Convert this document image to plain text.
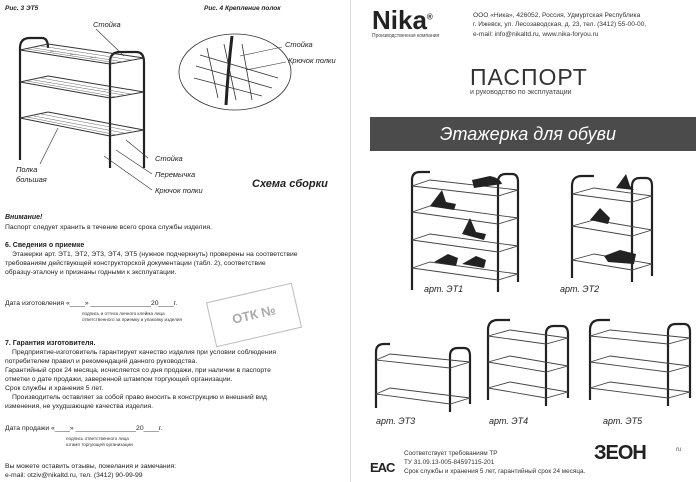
Рис. 3 ЭТ5	Рис. 4 Крепление полок
Стойка
Полка
большая
Стойка
Перемычка
Крючок полки
Стойка
Крючок полки
Схема сборки
Внимание!
Паспорт следует хранить в течение всего срока службы изделия.
6. Сведения о приемке
Этажерки арт. ЭТ1, ЭТ2, ЭТ3, ЭТ4, ЭТ5 (нужное подчеркнуть) проверены на соответствие
требованиям действующей конструкторской документации (табл. 2), соответствие
образцу-эталону и признаны годными к эксплуатации.
Дата изготовления «____» ________________20____г.
подпись и оттиск личного клейма лица
ответственного за приемку и упаковку изделия	ОТК №
7. Гарантия изготовителя.
Предприятие-изготовитель гарантирует качество изделия при условии соблюдения
потребителем правил и рекомендаций данного руководства.
Гарантийный срок 24 месяца, исчисляется со дня продажи, при наличии в паспорте
отметки о дате продажи, заверенной штампом торгующей организации.
Срок службы и хранения 5 лет.
Производитель оставляет за собой право вносить в конструкцию и внешний вид
изменения, не ухудшающие качества изделия.
Дата продажи «____» ________________20____г.
подпись ответственного лица
штамп торгующей организации
Вы можете оставить отзывы, пожелания и замечания:
e-mail: otziv@nikaltd.ru, тел. (3412) 90-99-99
Nika®
Производственная компания
ООО «Ника», 426052, Россия, Удмуртская Республика
г. Ижевск, ул. Лесозаводская, д. 23, тел. (3412) 55-00-00,
e-mail: info@nikaltd.ru, www.nika-foryou.ru
ПАСПОРТ
и руководство по эксплуатации
Этажерка для обуви
арт. ЭТ1	арт. ЭТ2
арт. ЭТ3	арт. ЭТ4	арт. ЭТ5
EAC
Соответствует требованиям ТР
ТУ 31.09.13-005-84597115-201
Срок службы и хранения 5 лет, гарантийный срок 24 месяца.
ЗЕОН	ru
